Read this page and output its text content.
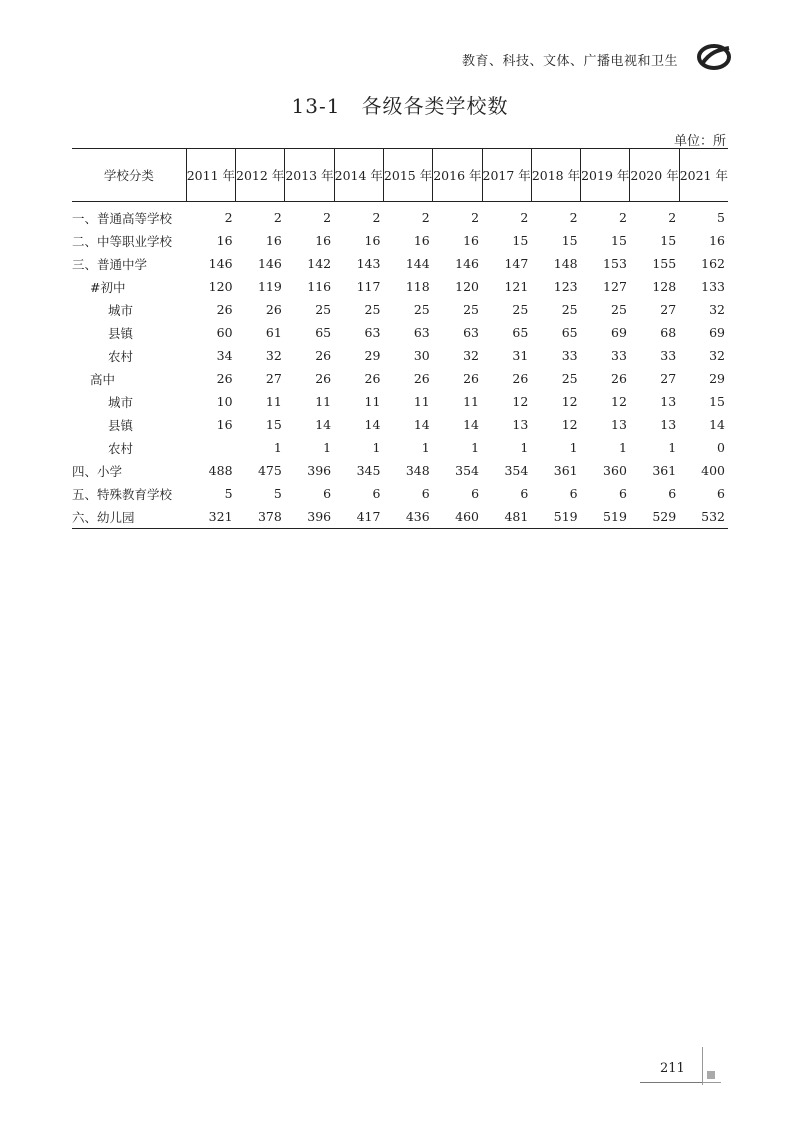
教育、科技、文体、广播电视和卫生
13-1　各级各类学校数
单位：所
学校分类	2011 年	2012 年	2013 年	2014 年	2015 年	2016 年	2017 年	2018 年	2019 年	2020 年	2021 年
一、普通高等学校	2	2	2	2	2	2	2	2	2	2	5
二、中等职业学校	16	16	16	16	16	16	15	15	15	15	16
三、普通中学	146	146	142	143	144	146	147	148	153	155	162
#初中	120	119	116	117	118	120	121	123	127	128	133
城市	26	26	25	25	25	25	25	25	25	27	32
县镇	60	61	65	63	63	63	65	65	69	68	69
农村	34	32	26	29	30	32	31	33	33	33	32
高中	26	27	26	26	26	26	26	25	26	27	29
城市	10	11	11	11	11	11	12	12	12	13	15
县镇	16	15	14	14	14	14	13	12	13	13	14
农村		1	1	1	1	1	1	1	1	1	0
四、小学	488	475	396	345	348	354	354	361	360	361	400
五、特殊教育学校	5	5	6	6	6	6	6	6	6	6	6
六、幼儿园	321	378	396	417	436	460	481	519	519	529	532
211
